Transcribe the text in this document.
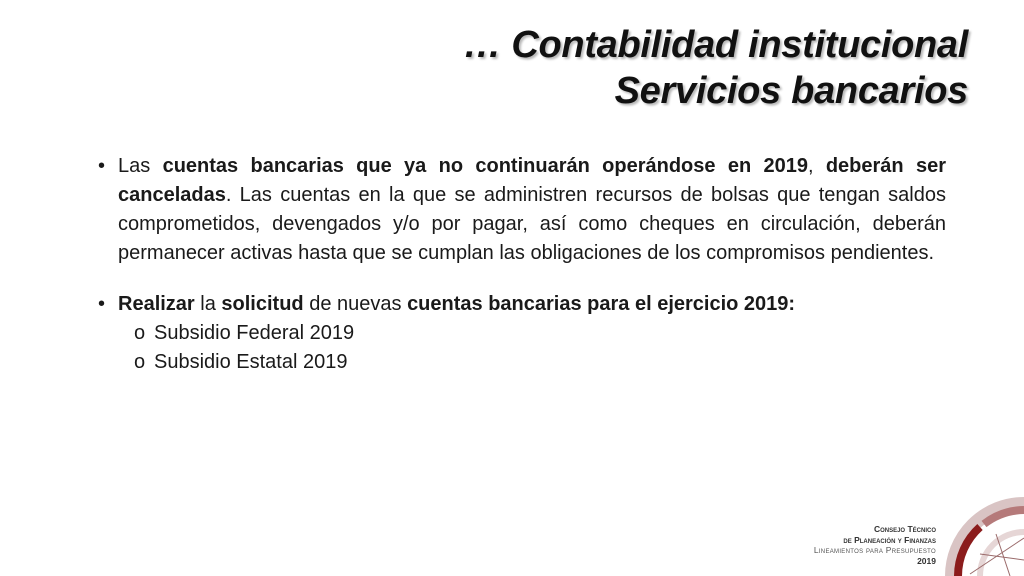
… Contabilidad institucional
Servicios bancarios

• Las cuentas bancarias que ya no continuarán operándose en 2019, deberán ser canceladas. Las cuentas en la que se administren recursos de bolsas que tengan saldos comprometidos, devengados y/o por pagar, así como cheques en circulación, deberán permanecer activas hasta que se cumplan las obligaciones de los compromisos pendientes.

• Realizar la solicitud de nuevas cuentas bancarias para el ejercicio 2019:

o Subsidio Federal 2019

o Subsidio Estatal 2019

Consejo Técnico
de Planeación y Finanzas
Lineamientos para Presupuesto
2019
